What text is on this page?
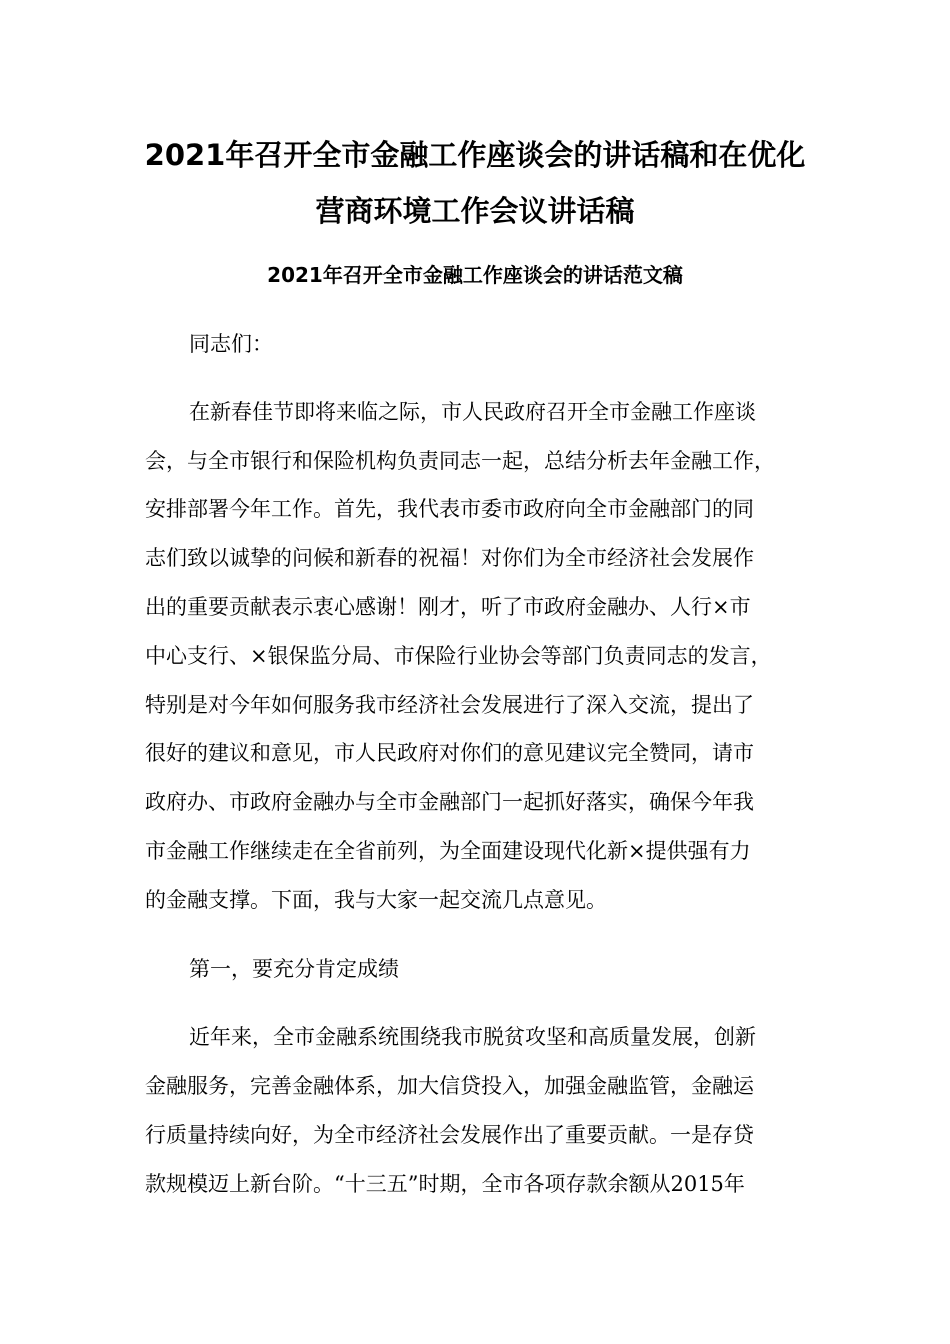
2021年召开全市金融工作座谈会的讲话稿和在优化
营商环境工作会议讲话稿
2021年召开全市金融工作座谈会的讲话范文稿

同志们：

在新春佳节即将来临之际，市人民政府召开全市金融工作座谈

会，与全市银行和保险机构负责同志一起，总结分析去年金融工作，

安排部署今年工作。首先，我代表市委市政府向全市金融部门的同

志们致以诚挚的问候和新春的祝福！对你们为全市经济社会发展作

出的重要贡献表示衷心感谢！刚才，听了市政府金融办、人行×市

中心支行、×银保监分局、市保险行业协会等部门负责同志的发言，

特别是对今年如何服务我市经济社会发展进行了深入交流，提出了

很好的建议和意见，市人民政府对你们的意见建议完全赞同，请市

政府办、市政府金融办与全市金融部门一起抓好落实，确保今年我

市金融工作继续走在全省前列，为全面建设现代化新×提供强有力

的金融支撑。下面，我与大家一起交流几点意见。

第一，要充分肯定成绩

近年来，全市金融系统围绕我市脱贫攻坚和高质量发展，创新

金融服务，完善金融体系，加大信贷投入，加强金融监管，金融运

行质量持续向好，为全市经济社会发展作出了重要贡献。一是存贷

款规模迈上新台阶。“十三五”时期，全市各项存款余额从2015年
